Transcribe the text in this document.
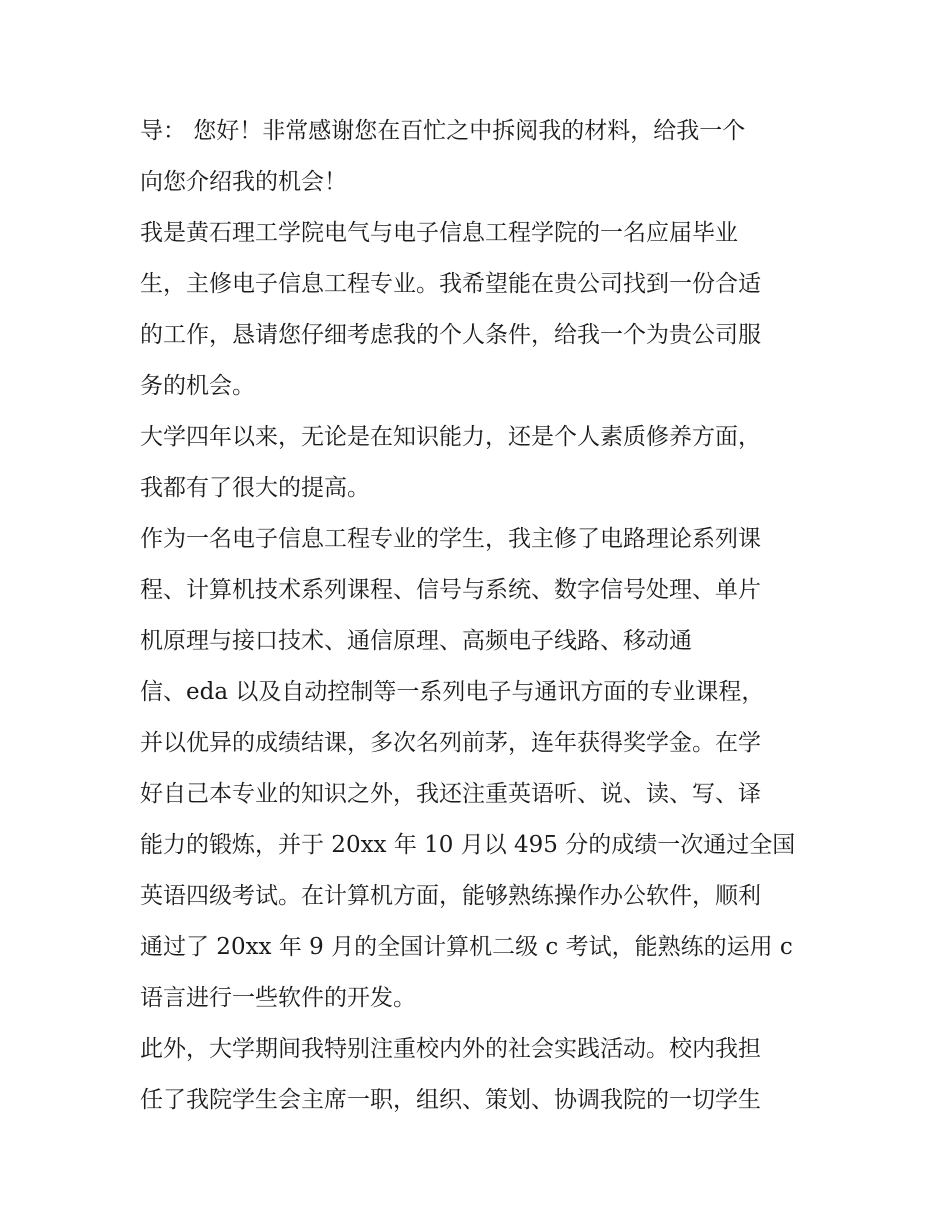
导： 您好！非常感谢您在百忙之中拆阅我的材料，给我一个
向您介绍我的机会！
我是黄石理工学院电气与电子信息工程学院的一名应届毕业
生，主修电子信息工程专业。我希望能在贵公司找到一份合适
的工作，恳请您仔细考虑我的个人条件，给我一个为贵公司服
务的机会。
大学四年以来，无论是在知识能力，还是个人素质修养方面，
我都有了很大的提高。
作为一名电子信息工程专业的学生，我主修了电路理论系列课
程、计算机技术系列课程、信号与系统、数字信号处理、单片
机原理与接口技术、通信原理、高频电子线路、移动通
信、eda 以及自动控制等一系列电子与通讯方面的专业课程，
并以优异的成绩结课，多次名列前茅，连年获得奖学金。在学
好自己本专业的知识之外，我还注重英语听、说、读、写、译
能力的锻炼，并于 20xx 年 10 月以 495 分的成绩一次通过全国
英语四级考试。在计算机方面，能够熟练操作办公软件，顺利
通过了 20xx 年 9 月的全国计算机二级 c 考试，能熟练的运用 c
语言进行一些软件的开发。
此外，大学期间我特别注重校内外的社会实践活动。校内我担
任了我院学生会主席一职，组织、策划、协调我院的一切学生
